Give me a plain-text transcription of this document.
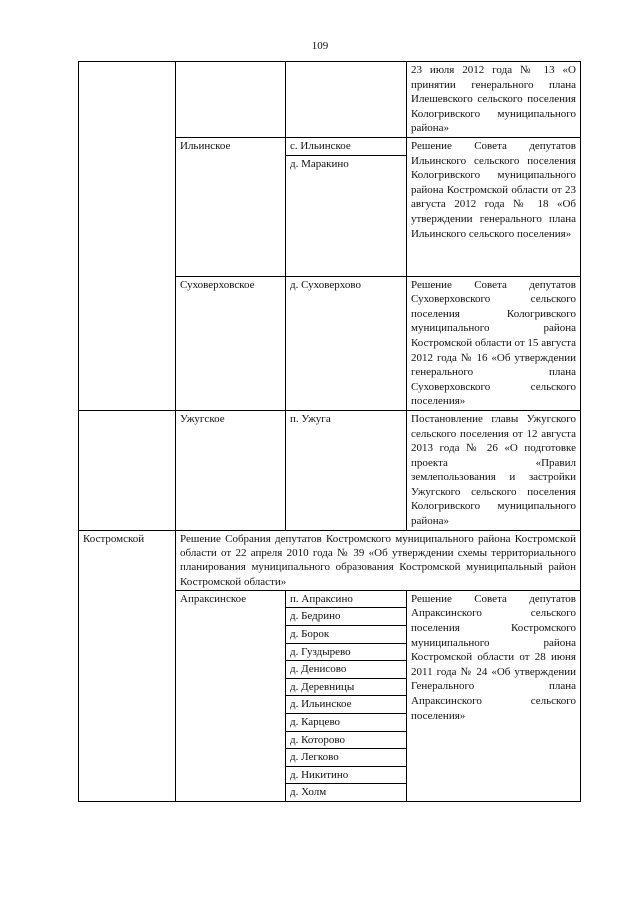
109
			23 июля 2012 года № 13 «О принятии генерального плана Илешевского сельского поселения Кологривского муниципального района»
	Ильинское	с. Ильинское	Решение Совета депутатов Ильинского сельского поселения Кологривского муниципального района Костромской области от 23 августа 2012 года № 18 «Об утверждении генерального плана Ильинского сельского поселения»
		д. Маракино	
	Суховерховское	д. Суховерхово	Решение Совета депутатов Суховерховского сельского поселения Кологривского муниципального района Костромской области от 15 августа 2012 года № 16 «Об утверждении генерального плана Суховерховского сельского поселения»
	Ужугское	п. Ужуга	Постановление главы Ужугского сельского поселения от 12 августа 2013 года № 26 «О подготовке проекта «Правил землепользования и застройки Ужугского сельского поселения Кологривского муниципального района»
Костромской	Решение Собрания депутатов Костромского муниципального района Костромской области от 22 апреля 2010 года № 39 «Об утверждении схемы территориального планирования муниципального образования Костромской муниципальный район Костромской области»		
	Апраксинское	п. Апраксино	Решение Совета депутатов Апраксинского сельского поселения Костромского муниципального района Костромской области от 28 июня 2011 года № 24 «Об утверждении Генерального плана Апраксинского сельского поселения»
		д. Бедрино	
		д. Борок	
		д. Гуздырево	
		д. Денисово	
		д. Деревницы	
		д. Ильинское	
		д. Карцево	
		д. Которово	
		д. Легково	
		д. Никитино	
		д. Холм	
